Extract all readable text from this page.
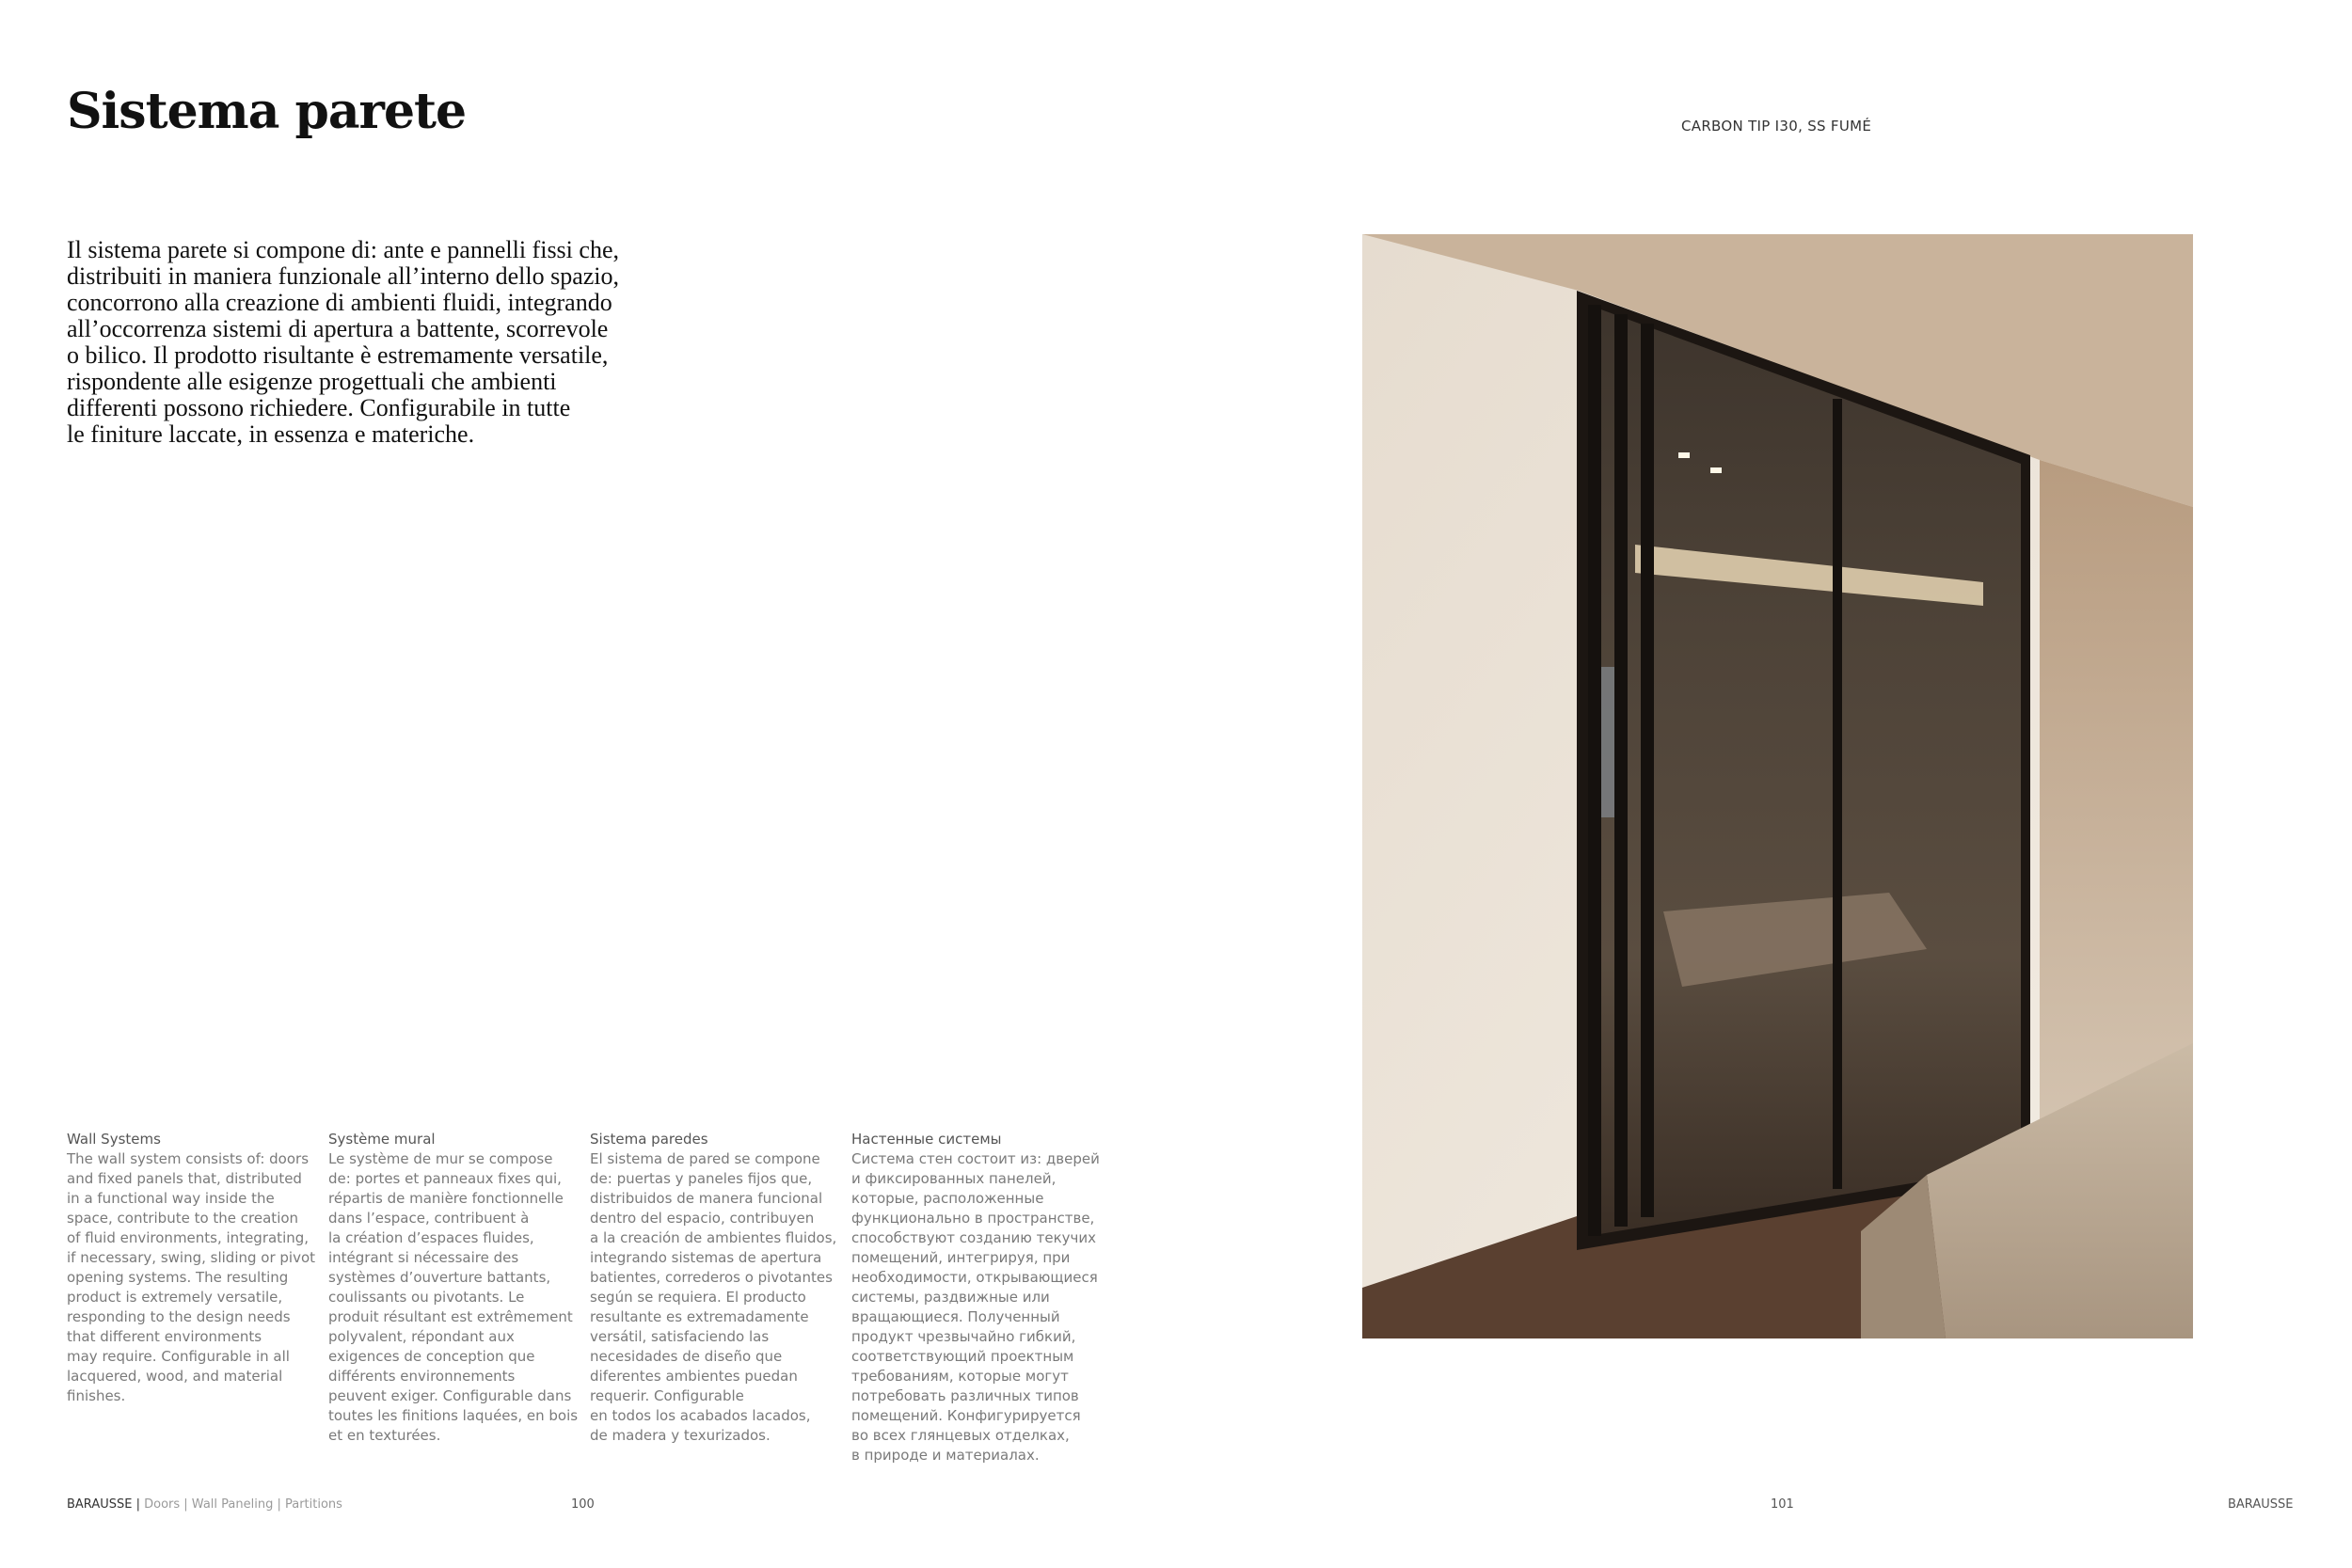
Sistema parete

Il sistema parete si compone di: ante e pannelli fissi che,
distribuiti in maniera funzionale all’interno dello spazio,
concorrono alla creazione di ambienti fluidi, integrando
all’occorrenza sistemi di apertura a battente, scorrevole
o bilico. Il prodotto risultante è estremamente versatile,
rispondente alle esigenze progettuali che ambienti
differenti possono richiedere. Configurabile in tutte
le finiture laccate, in essenza e materiche.

Wall Systems
The wall system consists of: doors
and fixed panels that, distributed
in a functional way inside the
space, contribute to the creation
of fluid environments, integrating,
if necessary, swing, sliding or pivot
opening systems. The resulting
product is extremely versatile,
responding to the design needs
that different environments
may require. Configurable in all
lacquered, wood, and material
finishes.
Système mural
Le système de mur se compose
de: portes et panneaux fixes qui,
répartis de manière fonctionnelle
dans l’espace, contribuent à
la création d’espaces fluides,
intégrant si nécessaire des
systèmes d’ouverture battants,
coulissants ou pivotants. Le
produit résultant est extrêmement
polyvalent, répondant aux
exigences de conception que
différents environnements
peuvent exiger. Configurable dans
toutes les finitions laquées, en bois
et en texturées.
Sistema paredes
El sistema de pared se compone
de: puertas y paneles fijos que,
distribuidos de manera funcional
dentro del espacio, contribuyen
a la creación de ambientes fluidos,
integrando sistemas de apertura
batientes, correderos o pivotantes
según se requiera. El producto
resultante es extremadamente
versátil, satisfaciendo las
necesidades de diseño que
diferentes ambientes puedan
requerir. Configurable
en todos los acabados lacados,
de madera y texurizados.
Настенные системы
Система стен состоит из: дверей
и фиксированных панелей,
которые, расположенные
функционально в пространстве,
способствуют созданию текучих
помещений, интегрируя, при
необходимости, открывающиеся
системы, раздвижные или
вращающиеся. Полученный
продукт чрезвычайно гибкий,
соответствующий проектным
требованиям, которые могут
потребовать различных типов
помещений. Конфигурируется
во всех глянцевых отделках,
в природе и материалах.
BARAUSSE | Doors | Wall Paneling | Partitions	100
CARBON TIP I30, SS FUMÉ
101	BARAUSSE
